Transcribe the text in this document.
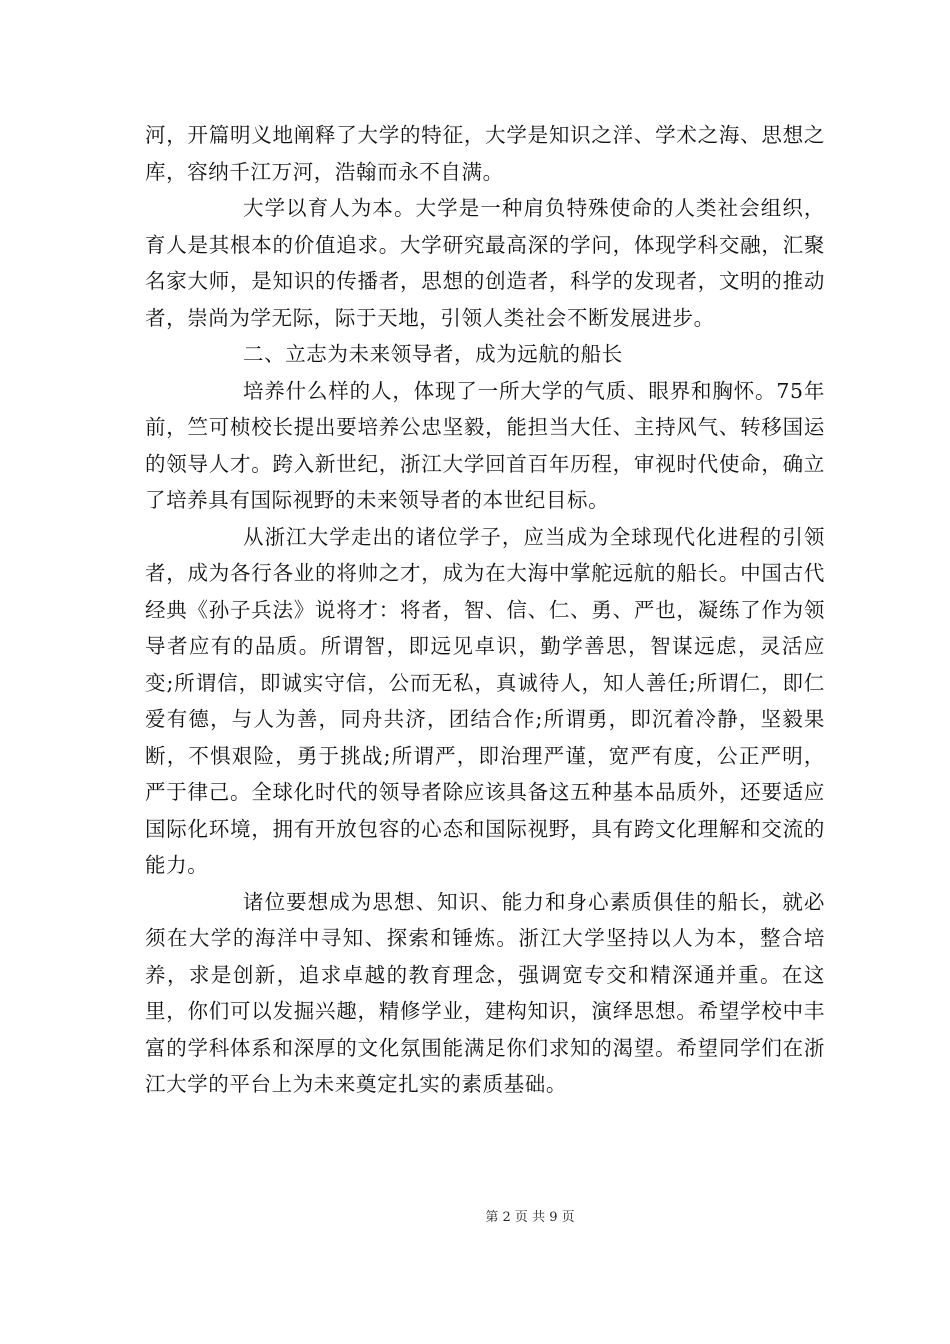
河，开篇明义地阐释了大学的特征，大学是知识之洋、学术之海、思想之库，容纳千江万河，浩翰而永不自满。

大学以育人为本。大学是一种肩负特殊使命的人类社会组织，育人是其根本的价值追求。大学研究最高深的学问，体现学科交融，汇聚名家大师，是知识的传播者，思想的创造者，科学的发现者，文明的推动者，崇尚为学无际，际于天地，引领人类社会不断发展进步。

二、立志为未来领导者，成为远航的船长

培养什么样的人，体现了一所大学的气质、眼界和胸怀。75年前，竺可桢校长提出要培养公忠坚毅，能担当大任、主持风气、转移国运的领导人才。跨入新世纪，浙江大学回首百年历程，审视时代使命，确立了培养具有国际视野的未来领导者的本世纪目标。

从浙江大学走出的诸位学子，应当成为全球现代化进程的引领者，成为各行各业的将帅之才，成为在大海中掌舵远航的船长。中国古代经典《孙子兵法》说将才：将者，智、信、仁、勇、严也，凝练了作为领导者应有的品质。所谓智，即远见卓识，勤学善思，智谋远虑，灵活应变;所谓信，即诚实守信，公而无私，真诚待人，知人善任;所谓仁，即仁爱有德，与人为善，同舟共济，团结合作;所谓勇，即沉着冷静，坚毅果断，不惧艰险，勇于挑战;所谓严，即治理严谨，宽严有度，公正严明，严于律己。全球化时代的领导者除应该具备这五种基本品质外，还要适应国际化环境，拥有开放包容的心态和国际视野，具有跨文化理解和交流的能力。

诸位要想成为思想、知识、能力和身心素质俱佳的船长，就必须在大学的海洋中寻知、探索和锤炼。浙江大学坚持以人为本，整合培养，求是创新，追求卓越的教育理念，强调宽专交和精深通并重。在这里，你们可以发掘兴趣，精修学业，建构知识，演绎思想。希望学校中丰富的学科体系和深厚的文化氛围能满足你们求知的渴望。希望同学们在浙江大学的平台上为未来奠定扎实的素质基础。

第 2 页 共 9 页
